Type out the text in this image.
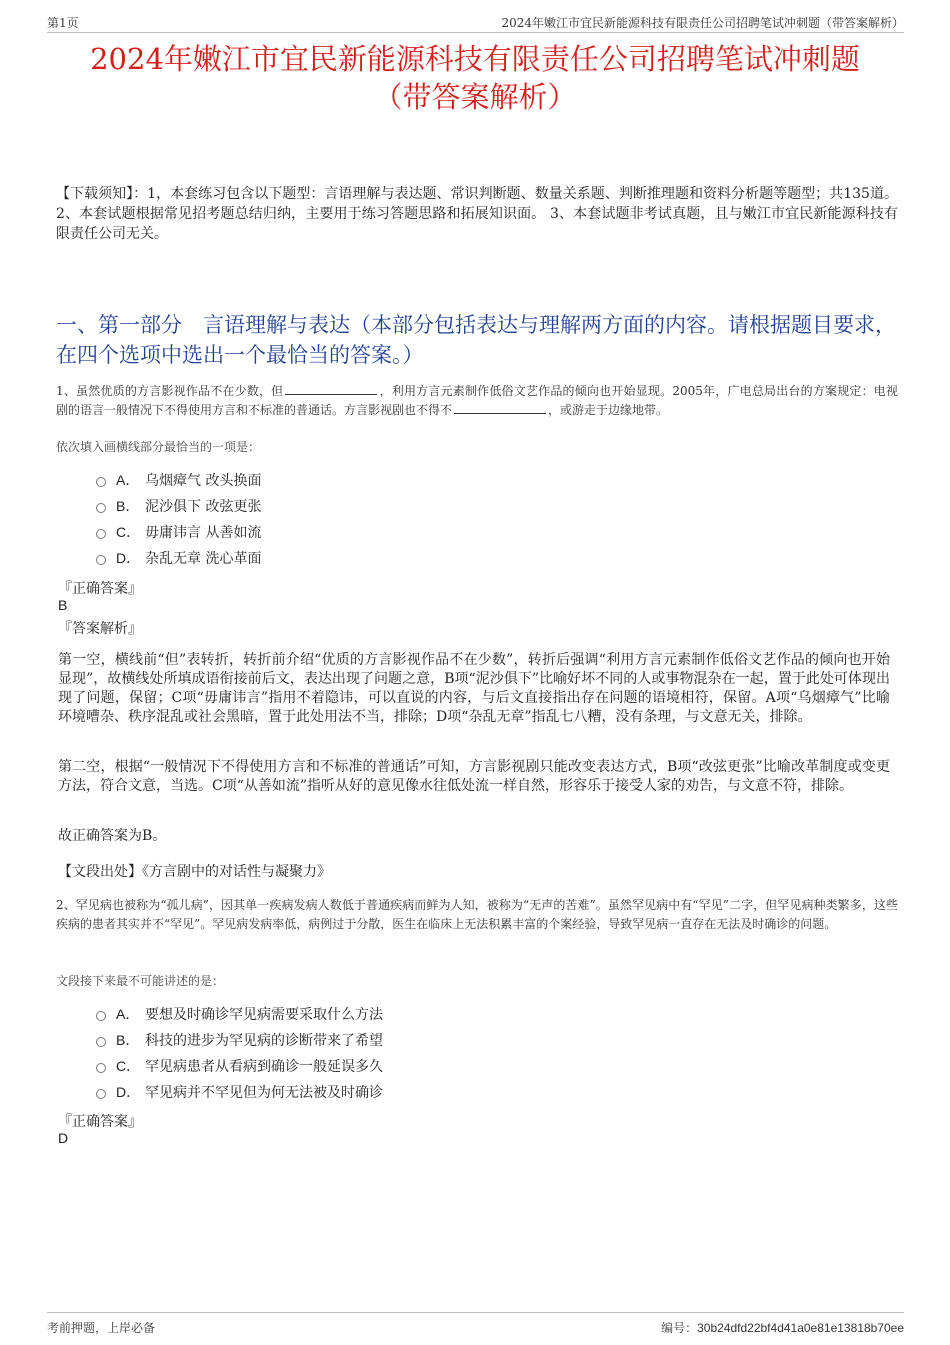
第1页	2024年嫩江市宜民新能源科技有限责任公司招聘笔试冲刺题（带答案解析）
2024年嫩江市宜民新能源科技有限责任公司招聘笔试冲刺题
（带答案解析）
【下载须知】：1，本套练习包含以下题型：言语理解与表达题、常识判断题、数量关系题、判断推理题和资料分析题等题型；共135道。 2、本套试题根据常见招考题总结归纳，主要用于练习答题思路和拓展知识面。 3、本套试题非考试真题，且与嫩江市宜民新能源科技有限责任公司无关。
一、第一部分　言语理解与表达（本部分包括表达与理解两方面的内容。请根据题目要求，在四个选项中选出一个最恰当的答案。）
1、虽然优质的方言影视作品不在少数，但	，利用方言元素制作低俗文艺作品的倾向也开始显现。2005年，广电总局出台的方案规定：电视剧的语言一般情况下不得使用方言和不标准的普通话。方言影视剧也不得不	，或游走于边缘地带。
依次填入画横线部分最恰当的一项是：
A． 乌烟瘴气 改头换面
B． 泥沙俱下 改弦更张
C． 毋庸讳言 从善如流
D． 杂乱无章 洗心革面
『正确答案』
B
『答案解析』

第一空，横线前“但”表转折，转折前介绍“优质的方言影视作品不在少数”，转折后强调“利用方言元素制作低俗文艺作品的倾向也开始显现”，故横线处所填成语衔接前后文，表达出现了问题之意，B项“泥沙俱下”比喻好坏不同的人或事物混杂在一起，置于此处可体现出现了问题，保留；C项“毋庸讳言”指用不着隐讳，可以直说的内容，与后文直接指出存在问题的语境相符，保留。A项“乌烟瘴气”比喻环境嘈杂、秩序混乱或社会黑暗，置于此处用法不当，排除；D项“杂乱无章”指乱七八糟，没有条理，与文意无关，排除。

第二空，根据“一般情况下不得使用方言和不标准的普通话”可知，方言影视剧只能改变表达方式，B项“改弦更张”比喻改革制度或变更方法，符合文意，当选。C项“从善如流”指听从好的意见像水往低处流一样自然，形容乐于接受人家的劝告，与文意不符，排除。

故正确答案为B。

【文段出处】《方言剧中的对话性与凝聚力》
2、罕见病也被称为“孤儿病”，因其单一疾病发病人数低于普通疾病而鲜为人知，被称为“无声的苦难”。虽然罕见病中有“罕见”二字，但罕见病种类繁多，这些疾病的患者其实并不“罕见”。罕见病发病率低，病例过于分散，医生在临床上无法积累丰富的个案经验，导致罕见病一直存在无法及时确诊的问题。
文段接下来最不可能讲述的是：
A． 要想及时确诊罕见病需要采取什么方法
B． 科技的进步为罕见病的诊断带来了希望
C． 罕见病患者从看病到确诊一般延误多久
D． 罕见病并不罕见但为何无法被及时确诊
『正确答案』
D
考前押题，上岸必备	编号：30b24dfd22bf4d41a0e81e13818b70ee
